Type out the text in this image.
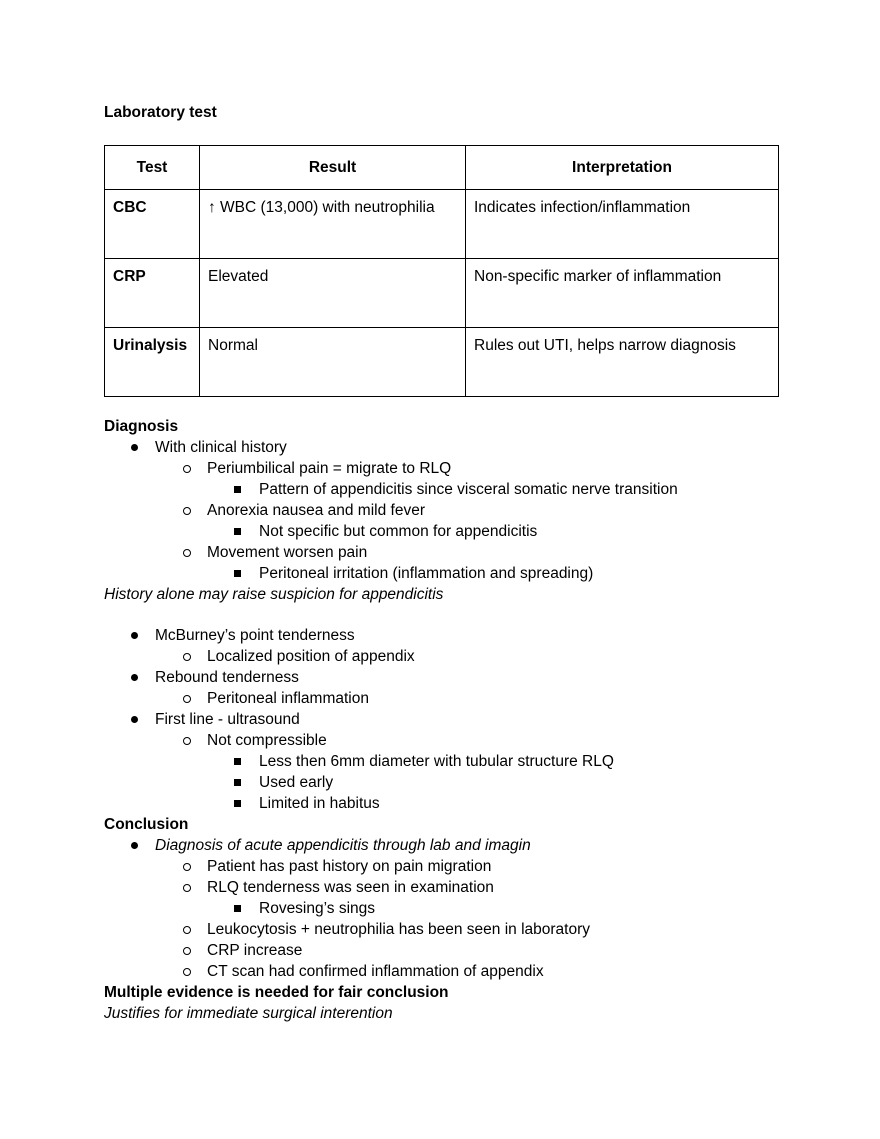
Laboratory test
Test	Result	Interpretation
CBC	↑ WBC (13,000) with neutrophilia	Indicates infection/inflammation
CRP	Elevated	Non-specific marker of inflammation
Urinalysis	Normal	Rules out UTI, helps narrow diagnosis
Diagnosis
With clinical history
Periumbilical pain = migrate to RLQ
Pattern of appendicitis since visceral somatic nerve transition
Anorexia nausea and mild fever
Not specific but common for appendicitis
Movement worsen pain
Peritoneal irritation (inflammation and spreading)
History alone may raise suspicion for appendicitis
McBurney’s point tenderness
Localized position of appendix
Rebound tenderness
Peritoneal inflammation
First line - ultrasound
Not compressible
Less then 6mm diameter with tubular structure RLQ
Used early
Limited in habitus
Conclusion
Diagnosis of acute appendicitis through lab and imagin
Patient has past history on pain migration
RLQ tenderness was seen in examination
Rovesing’s sings
Leukocytosis + neutrophilia has been seen in laboratory
CRP increase
CT scan had confirmed inflammation of appendix
Multiple evidence is needed for fair conclusion
Justifies for immediate surgical interention
